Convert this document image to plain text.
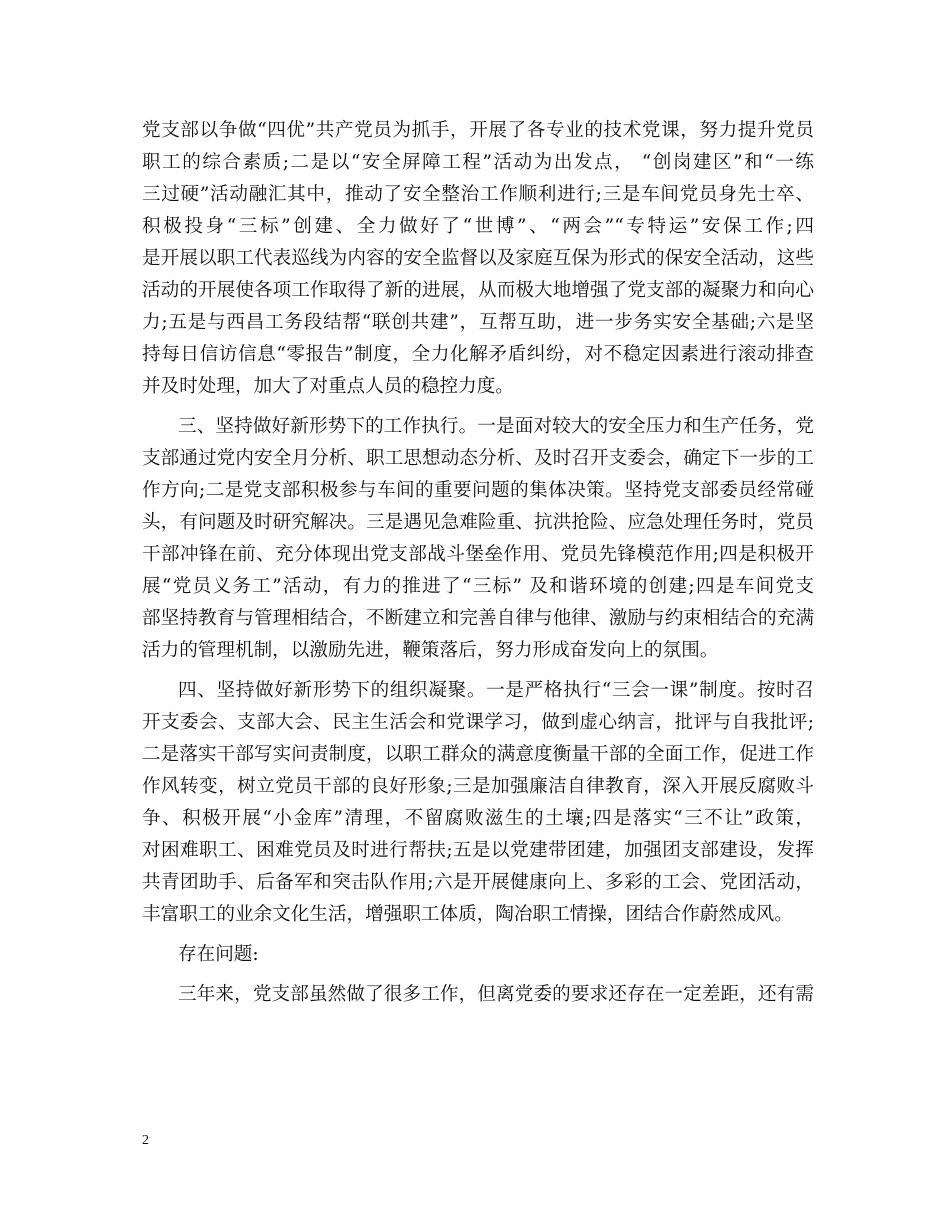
党支部以争做“四优”共产党员为抓手，开展了各专业的技术党课，努力提升党员
职工的综合素质;二是以“安全屏障工程”活动为出发点， “创岗建区”和“一练
三过硬”活动融汇其中，推动了安全整治工作顺利进行;三是车间党员身先士卒、
积极投身“三标”创建、全力做好了“世博”、“两会”“专特运”安保工作;四
是开展以职工代表巡线为内容的安全监督以及家庭互保为形式的保安全活动，这些
活动的开展使各项工作取得了新的进展，从而极大地增强了党支部的凝聚力和向心
力;五是与西昌工务段结帮“联创共建”，互帮互助，进一步务实安全基础;六是坚
持每日信访信息“零报告”制度，全力化解矛盾纠纷，对不稳定因素进行滚动排查
并及时处理，加大了对重点人员的稳控力度。
三、坚持做好新形势下的工作执行。一是面对较大的安全压力和生产任务，党
支部通过党内安全月分析、职工思想动态分析、及时召开支委会，确定下一步的工
作方向;二是党支部积极参与车间的重要问题的集体决策。坚持党支部委员经常碰
头，有问题及时研究解决。三是遇见急难险重、抗洪抢险、应急处理任务时，党员
干部冲锋在前、充分体现出党支部战斗堡垒作用、党员先锋模范作用;四是积极开
展“党员义务工”活动，有力的推进了“三标” 及和谐环境的创建;四是车间党支
部坚持教育与管理相结合，不断建立和完善自律与他律、激励与约束相结合的充满
活力的管理机制，以激励先进，鞭策落后，努力形成奋发向上的氛围。
四、坚持做好新形势下的组织凝聚。一是严格执行“三会一课”制度。按时召
开支委会、支部大会、民主生活会和党课学习，做到虚心纳言，批评与自我批评;
二是落实干部写实问责制度，以职工群众的满意度衡量干部的全面工作，促进工作
作风转变，树立党员干部的良好形象;三是加强廉洁自律教育，深入开展反腐败斗
争、积极开展“小金库”清理，不留腐败滋生的土壤;四是落实“三不让”政策，
对困难职工、困难党员及时进行帮扶;五是以党建带团建，加强团支部建设，发挥
共青团助手、后备军和突击队作用;六是开展健康向上、多彩的工会、党团活动，
丰富职工的业余文化生活，增强职工体质，陶冶职工情操，团结合作蔚然成风。
存在问题:
三年来，党支部虽然做了很多工作，但离党委的要求还存在一定差距，还有需
2
